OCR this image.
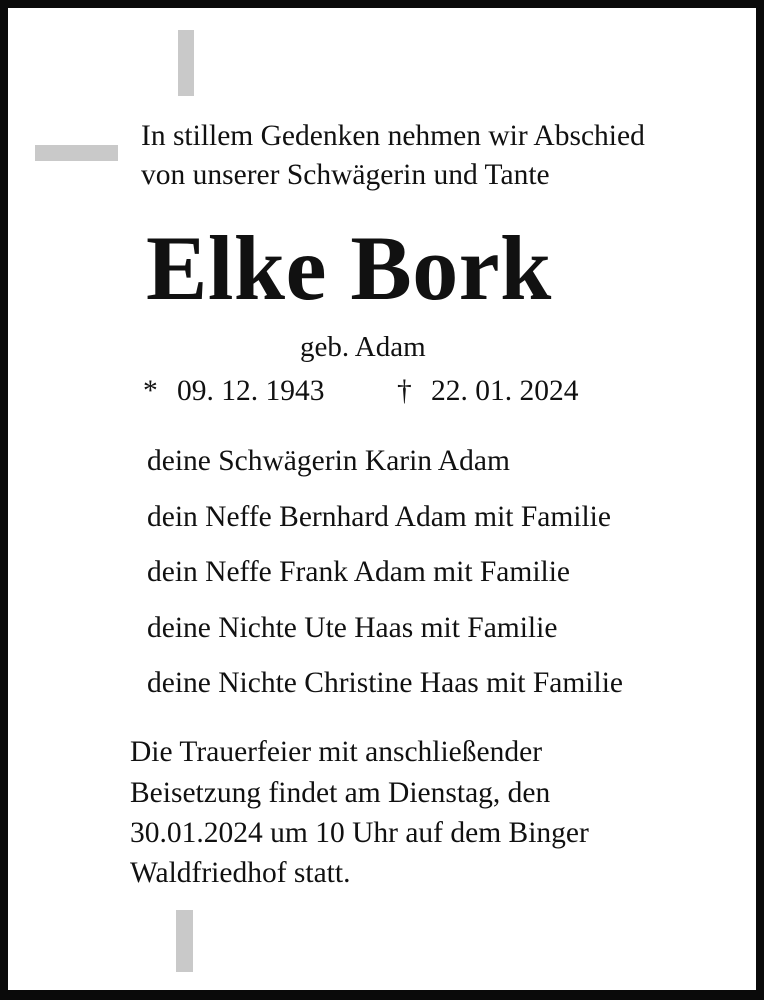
In stillem Gedenken nehmen wir Abschied
von unserer Schwägerin und Tante
Elke Bork
geb. Adam
* 09. 12. 1943 † 22. 01. 2024
deine Schwägerin Karin Adam
dein Neffe Bernhard Adam mit Familie
dein Neffe Frank Adam mit Familie
deine Nichte Ute Haas mit Familie
deine Nichte Christine Haas mit Familie
Die Trauerfeier mit anschließender
Beisetzung findet am Dienstag, den
30.01.2024 um 10 Uhr auf dem Binger
Waldfriedhof statt.
